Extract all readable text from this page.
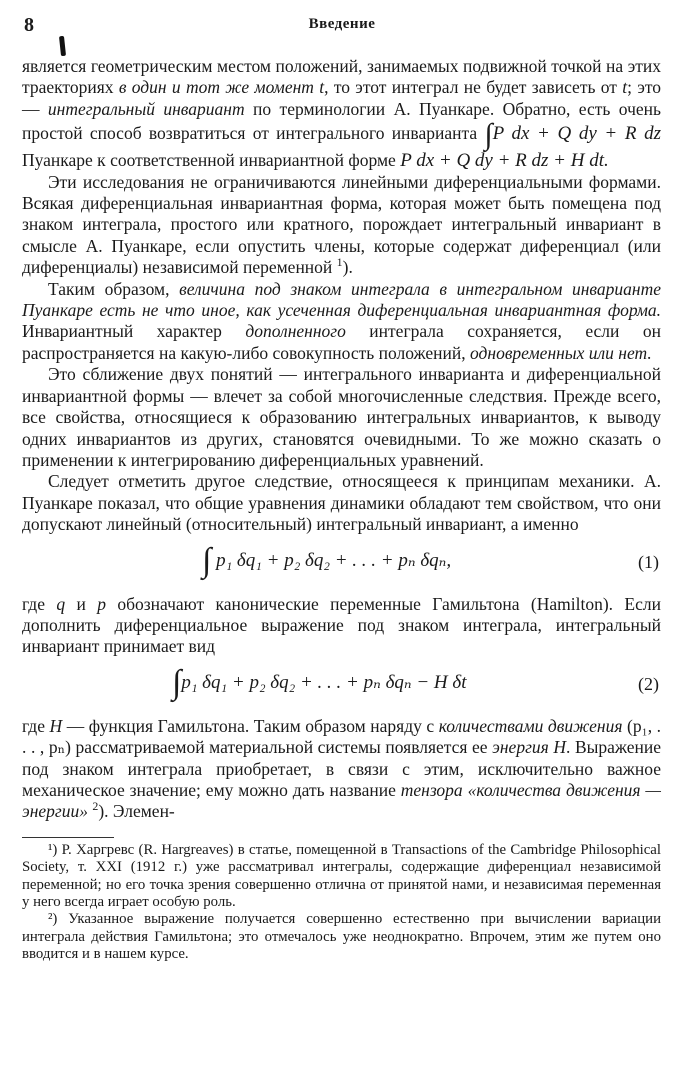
8	Введение

является геометрическим местом положений, занимаемых подвижной точкой на этих траекториях в один и тот же момент t, то этот интеграл не будет зависеть от t; это — интегральный инвариант по терминологии А. Пуанкаре. Обратно, есть очень простой способ возвратиться от интегрального инварианта ∫P dx + Q dy + R dz Пуанкаре к соответственной инвариантной форме P dx + Q dy + R dz + H dt.

Эти исследования не ограничиваются линейными диференциальными формами. Всякая диференциальная инвариантная форма, которая может быть помещена под знаком интеграла, простого или кратного, порождает интегральный инвариант в смысле А. Пуанкаре, если опустить члены, которые содержат диференциал (или диференциалы) независимой переменной $^1$).

Таким образом, величина под знаком интеграла в интегральном инварианте Пуанкаре есть не что иное, как усеченная диференциальная инвариантная форма. Инвариантный характер дополненного интеграла сохраняется, если он распространяется на какую-либо совокупность положений, одновременных или нет.

Это сближение двух понятий — интегрального инварианта и диференциальной инвариантной формы — влечет за собой многочисленные следствия. Прежде всего, все свойства, относящиеся к образованию интегральных инвариантов, к выводу одних инвариантов из других, становятся очевидными. То же можно сказать о применении к интегрированию диференциальных уравнений.

Следует отметить другое следствие, относящееся к принципам механики. А. Пуанкаре показал, что общие уравнения динамики обладают тем свойством, что они допускают линейный (относительный) интегральный инвариант, а именно

∫ p₁ δq₁ + p₂ δq₂ + . . . + pₙ δqₙ,	(1)

где q и p обозначают канонические переменные Гамильтона (Hamilton). Если дополнить диференциальное выражение под знаком интеграла, интегральный инвариант принимает вид

∫p₁ δq₁ + p₂ δq₂ + . . . + pₙ δqₙ − H δt	(2)

где H — функция Гамильтона. Таким образом наряду с количествами движения (p₁, . . . , pₙ) рассматриваемой материальной системы появляется ее энергия H. Выражение под знаком интеграла приобретает, в связи с этим, исключительно важное механическое значение; ему можно дать название тензора «количества движения — энергии» $^2$). Элемен-

¹) Р. Харгревс (R. Hargreaves) в статье, помещенной в Transactions of the Cambridge Philosophical Society, т. XXI (1912 г.) уже рассматривал интегралы, содержащие диференциал независимой переменной; но его точка зрения совершенно отлична от принятой нами, и независимая переменная у него всегда играет особую роль.

²) Указанное выражение получается совершенно естественно при вычислении вариации интеграла действия Гамильтона; это отмечалось уже неоднократно. Впрочем, этим же путем оно вводится и в нашем курсе.
